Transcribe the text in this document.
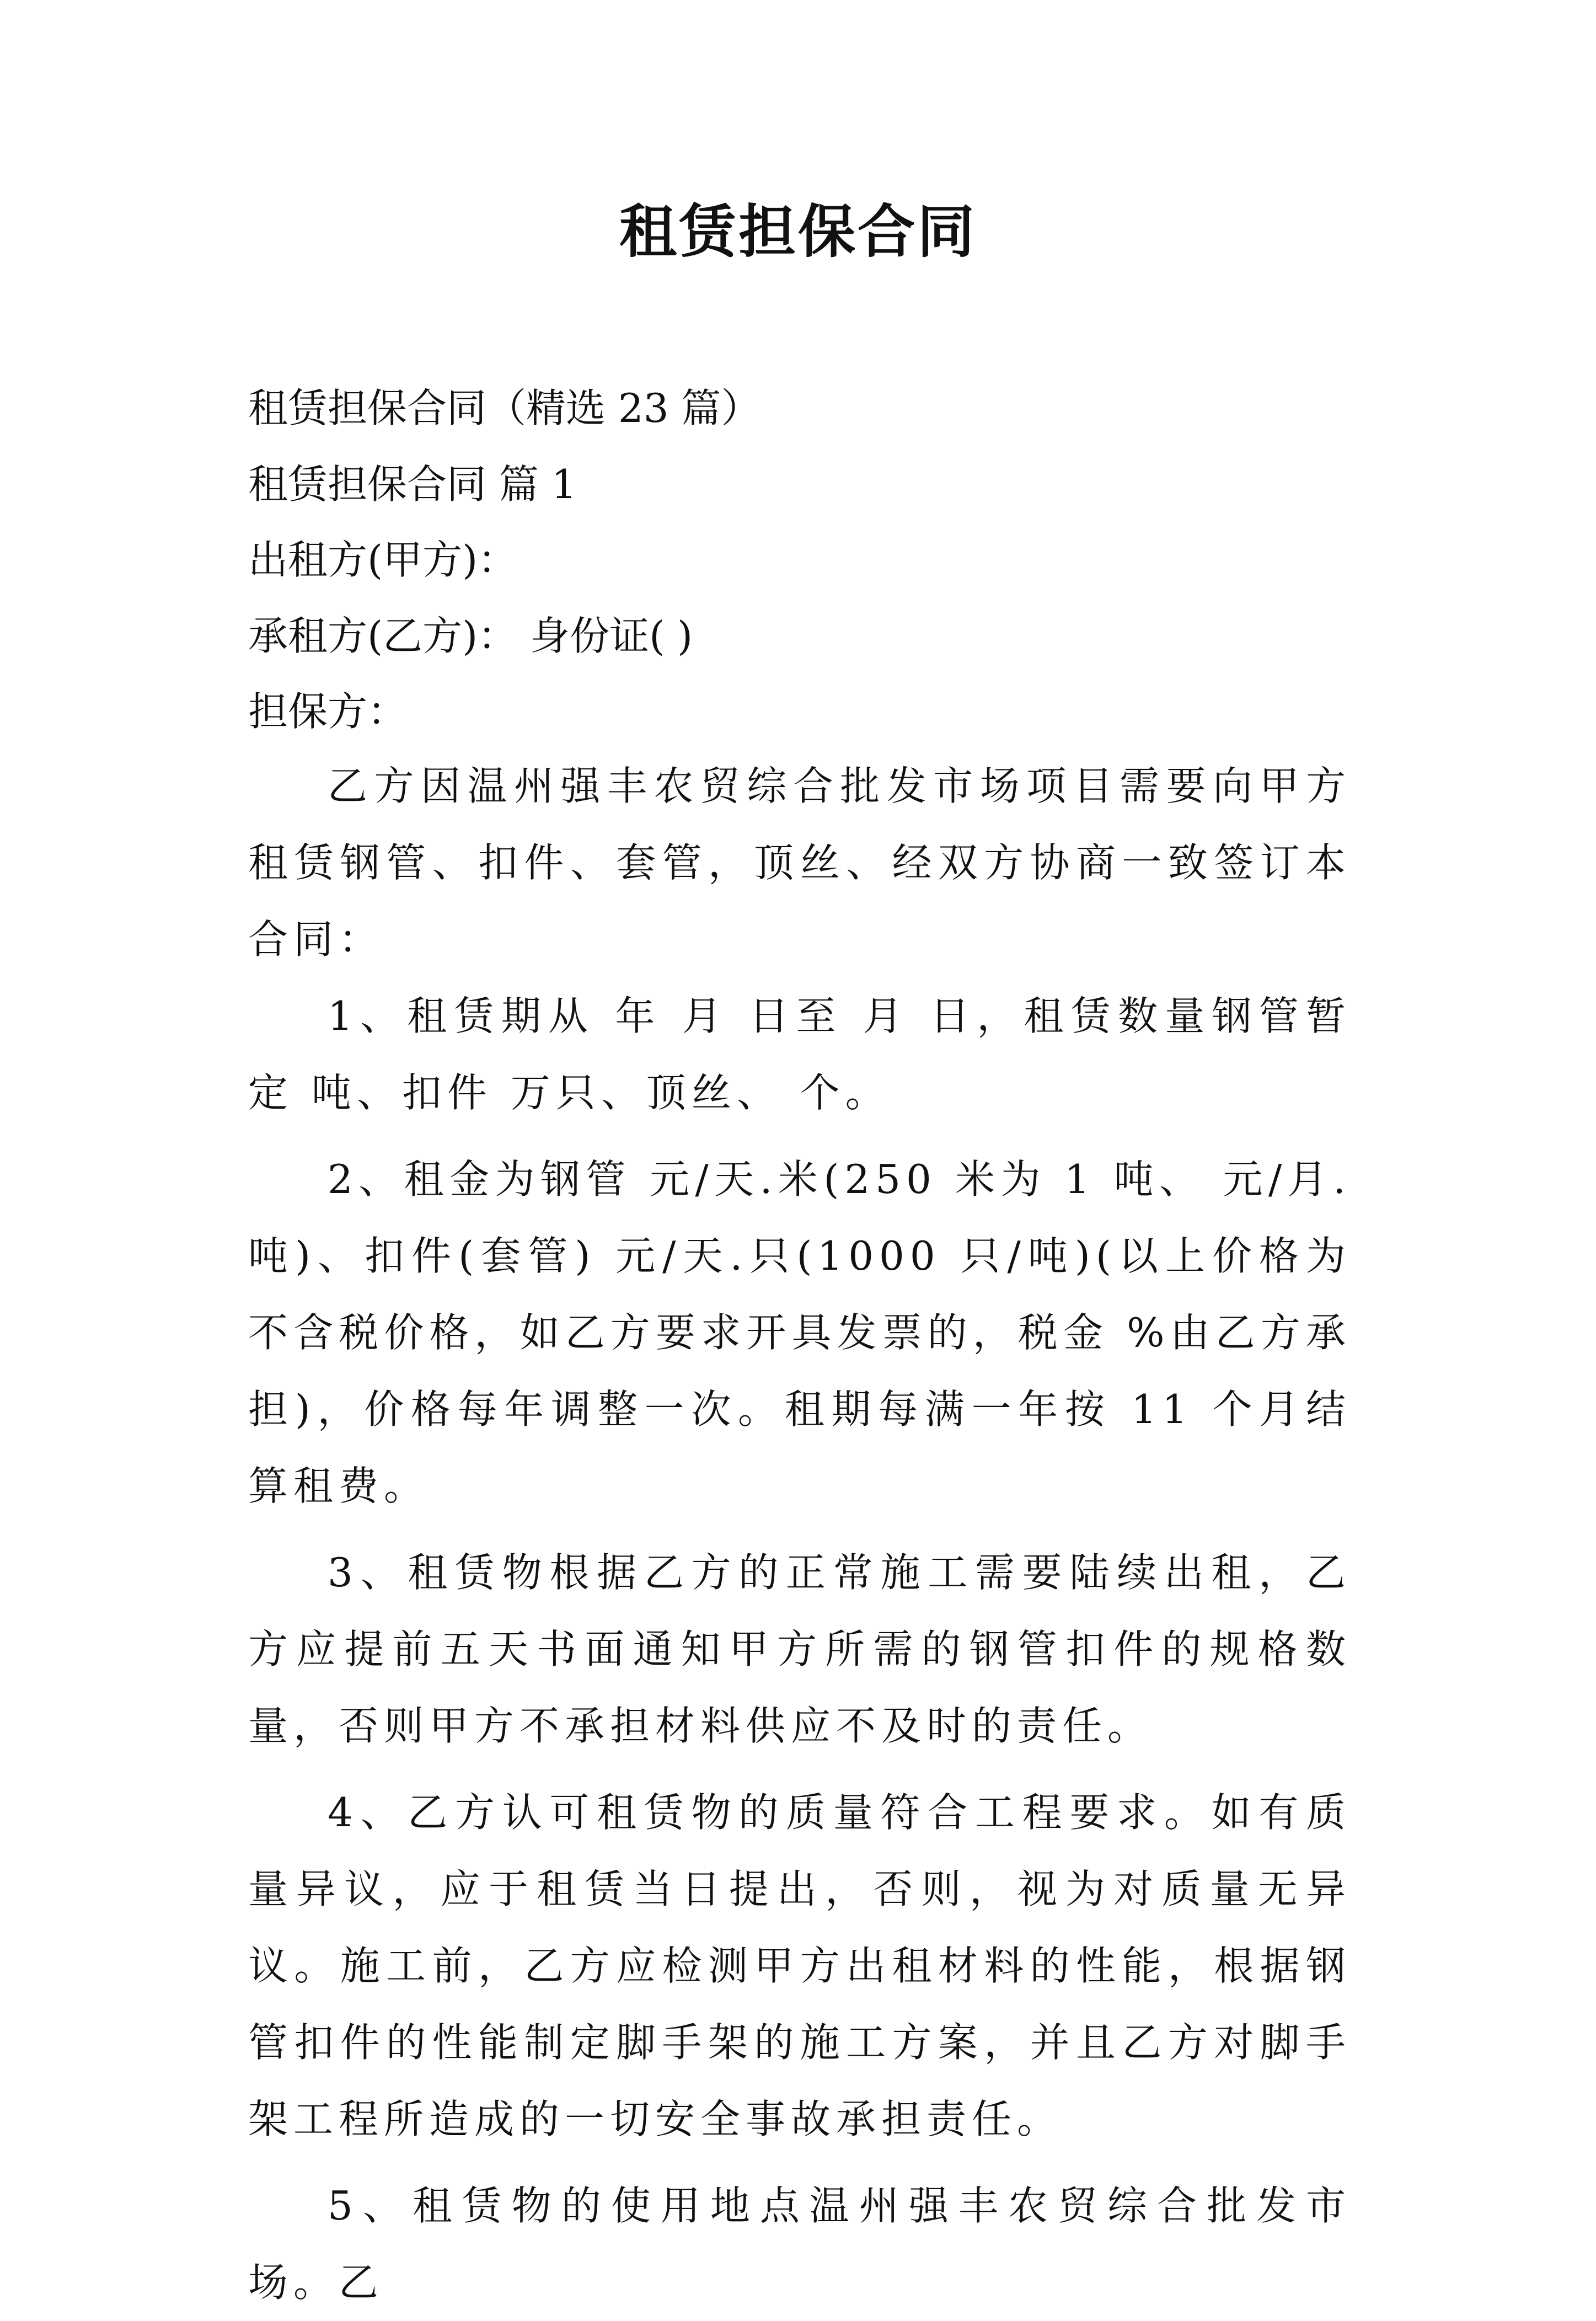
租赁担保合同
租赁担保合同（精选 23 篇）
租赁担保合同 篇 1
出租方(甲方)：
承租方(乙方)： 身份证( )
担保方：
乙方因温州强丰农贸综合批发市场项目需要向甲方租赁钢管、扣件、套管，顶丝、经双方协商一致签订本合同：
1、租赁期从 年 月 日至 月 日，租赁数量钢管暂定 吨、扣件 万只、顶丝、 个。
2、租金为钢管 元/天.米(250 米为 1 吨、 元/月.吨)、扣件(套管) 元/天.只(1000 只/吨)(以上价格为不含税价格，如乙方要求开具发票的，税金 %由乙方承担)，价格每年调整一次。租期每满一年按 11 个月结算租费。
3、租赁物根据乙方的正常施工需要陆续出租，乙方应提前五天书面通知甲方所需的钢管扣件的规格数量，否则甲方不承担材料供应不及时的责任。
4、乙方认可租赁物的质量符合工程要求。如有质量异议，应于租赁当日提出，否则，视为对质量无异议。施工前，乙方应检测甲方出租材料的性能，根据钢管扣件的性能制定脚手架的施工方案，并且乙方对脚手架工程所造成的一切安全事故承担责任。
5、租赁物的使用地点温州强丰农贸综合批发市场。乙
